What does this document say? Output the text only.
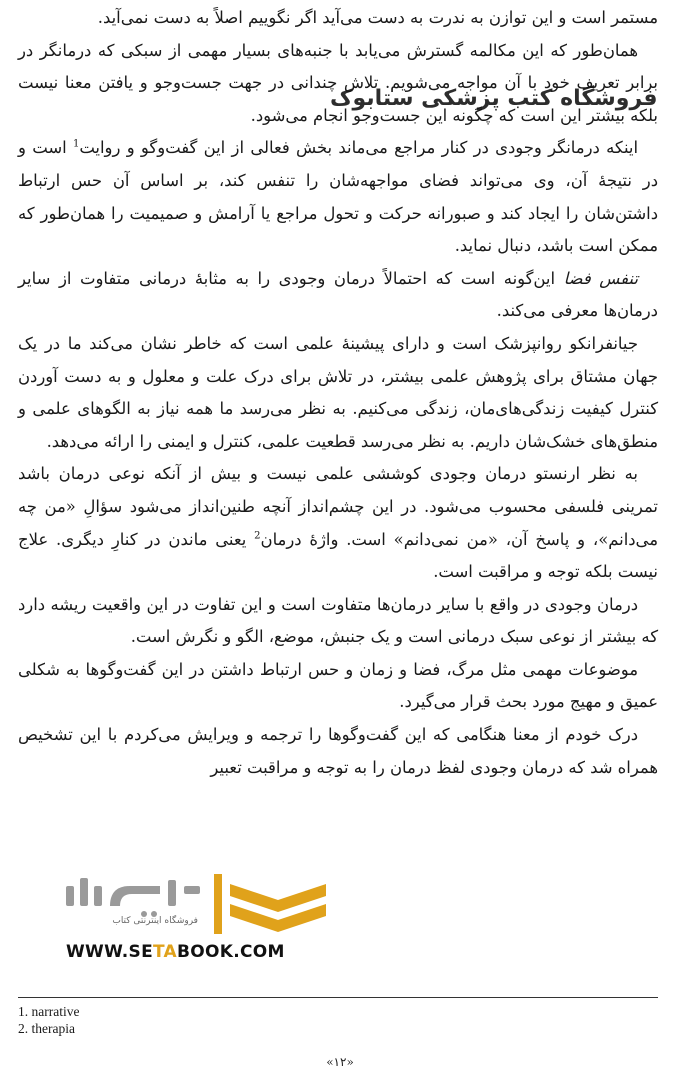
مستمر است و این توازن به ندرت به دست می‌آید اگر نگوییم اصلاً به دست نمی‌آید.

همان‌طور که این مکالمه گسترش می‌یابد با جنبه‌های بسیار مهمی از سبکی که درمانگر در برابر تعریف خود با آن مواجه می‌شویم. تلاش چندانی در جهت جست‌وجو و یافتن معنا نیست بلکه بیشتر این است که چگونه این جست‌وجو انجام می‌شود.

اینکه درمانگر وجودی در کنار مراجع می‌ماند بخش فعالی از این گفت‌وگو و روایت$^1$ است و در نتیجهٔ آن، وی می‌تواند فضای مواجهه‌شان را تنفس کند، بر اساس آن حس ارتباط داشتن‌شان را ایجاد کند و صبورانه حرکت و تحول مراجع یا آرامش و صمیمیت را همان‌طور که ممکن است باشد، دنبال نماید.

تنفس فضا این‌گونه است که احتمالاً درمان وجودی را به مثابهٔ درمانی متفاوت از سایر درمان‌ها معرفی می‌کند.

جیانفرانکو روانپزشک است و دارای پیشینهٔ علمی است که خاطر نشان می‌کند ما در یک جهان مشتاق برای پژوهش علمی بیشتر، در تلاش برای درک علت و معلول و به دست آوردن کنترل کیفیت زندگی‌های‌مان، زندگی می‌کنیم. به نظر می‌رسد ما همه نیاز به الگوهای علمی و منطق‌های خشک‌شان داریم. به نظر می‌رسد قطعیت علمی، کنترل و ایمنی را ارائه می‌دهد.

به نظر ارنستو درمان وجودی کوششی علمی نیست و بیش از آنکه نوعی درمان باشد تمرینی فلسفی محسوب می‌شود. در این چشم‌انداز آنچه طنین‌انداز می‌شود سؤالِ «من چه می‌دانم»، و پاسخ آن، «من نمی‌دانم» است. واژهٔ درمان$^2$ یعنی ماندن در کنارِ دیگری. علاج نیست بلکه توجه و مراقبت است.

درمان وجودی در واقع با سایر درمان‌ها متفاوت است و این تفاوت در این واقعیت ریشه دارد که بیشتر از نوعی سبک درمانی است و یک جنبش، موضع، الگو و نگرش است.

موضوعات مهمی مثل مرگ، فضا و زمان و حس ارتباط داشتن در این گفت‌وگوها به شکلی عمیق و مهیج مورد بحث قرار می‌گیرد.

درک خودم از معنا هنگامی که این گفت‌وگوها را ترجمه و ویرایش می‌کردم با این تشخیص همراه شد که درمان وجودی لفظ درمان را به توجه و مراقبت تعبیر

فروشگاه کتب پزشکی ستابوک
فروشگاه اینترنتی کتاب
WWW.SETABOOK.COM
1. narrative
2. therapia
«۱۲»
